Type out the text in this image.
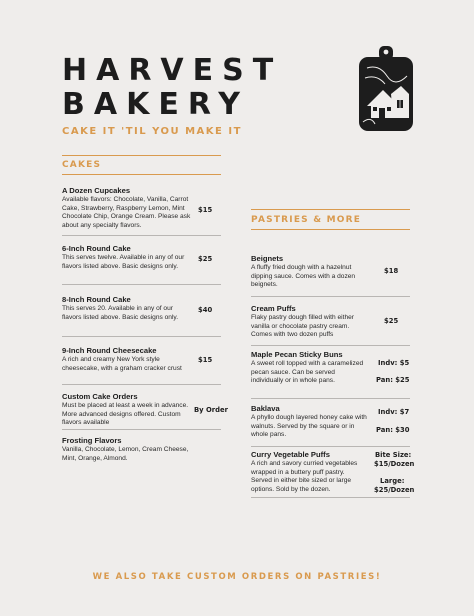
HARVEST
BAKERY
CAKE IT 'TIL YOU MAKE IT
CAKES
A Dozen Cupcakes
Available flavors: Chocolate, Vanilla, Carrot Cake, Strawberry, Raspberry Lemon, Mint Chocolate Chip, Orange Cream. Please ask about any specialty flavors.
$15
6-Inch Round Cake
This serves twelve. Available in any of our flavors listed above. Basic designs only.
$25
8-Inch Round Cake
This serves 20. Available in any of our flavors listed above. Basic designs only.
$40
9-Inch Round Cheesecake
A rich and creamy New York style cheesecake, with a graham cracker crust
$15
Custom Cake Orders
Must be placed at least a week in advance. More advanced designs offered. Custom flavors available
By Order
Frosting Flavors
Vanilla, Chocolate, Lemon, Cream Cheese, Mint, Orange, Almond.
PASTRIES & MORE
Beignets
A fluffy fried dough with a hazelnut dipping sauce. Comes with a dozen beignets.
$18
Cream Puffs
Flaky pastry dough filled with either vanilla or chocolate pastry cream. Comes with two dozen puffs
$25
Maple Pecan Sticky Buns
A sweet roll topped with a caramelized pecan sauce. Can be served individually or in whole pans.
Indv: $5
Pan: $25
Baklava
A phyllo dough layered honey cake with walnuts. Served by the square or in whole pans.
Indv: $7
Pan: $30
Curry Vegetable Puffs
A rich and savory curried vegetables wrapped in a buttery puff pastry. Served in either bite sized or large options. Sold by the dozen.
Bite Size:
$15/Dozen
Large:
$25/Dozen
WE ALSO TAKE CUSTOM ORDERS ON PASTRIES!
